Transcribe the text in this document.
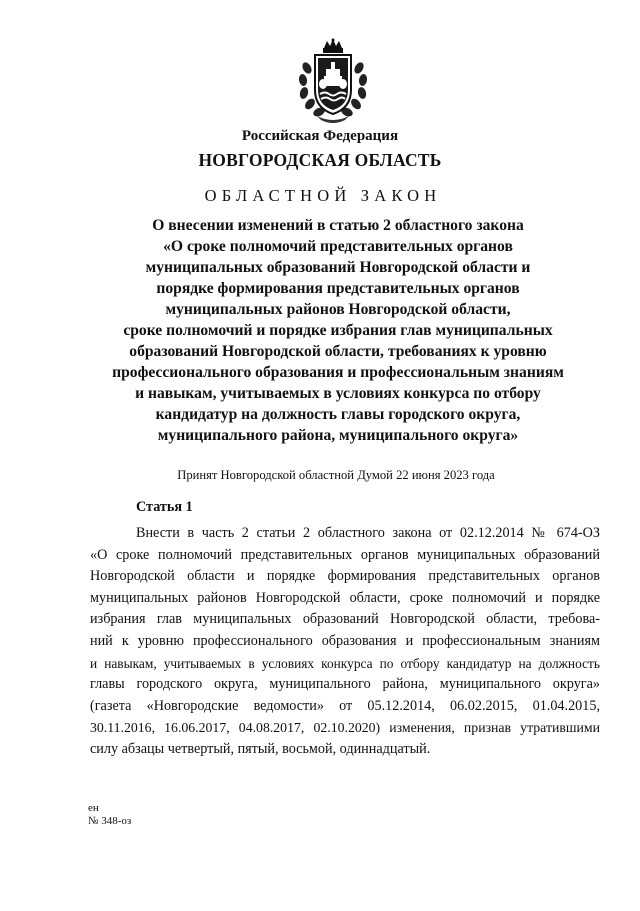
Российская Федерация
НОВГОРОДСКАЯ ОБЛАСТЬ
ОБЛАСТНОЙ ЗАКОН
О внесении изменений в статью 2 областного закона
«О сроке полномочий представительных органов
муниципальных образований Новгородской области и
порядке формирования представительных органов
муниципальных районов Новгородской области,
сроке полномочий и порядке избрания глав муниципальных
образований Новгородской области, требованиях к уровню
профессионального образования и профессиональным знаниям
и навыкам, учитываемых в условиях конкурса по отбору
кандидатур на должность главы городского округа,
муниципального района, муниципального округа»
Принят Новгородской областной Думой 22 июня 2023 года
Статья 1
Внести в часть 2 статьи 2 областного закона от 02.12.2014 № 674-ОЗ
«О сроке полномочий представительных органов муниципальных образований
Новгородской области и порядке формирования представительных органов
муниципальных районов Новгородской области, сроке полномочий и порядке
избрания глав муниципальных образований Новгородской области, требова-
ний к уровню профессионального образования и профессиональным знаниям
и навыкам, учитываемых в условиях конкурса по отбору кандидатур на должность
главы городского округа, муниципального района, муниципального округа»
(газета «Новгородские ведомости» от 05.12.2014, 06.02.2015, 01.04.2015,
30.11.2016, 16.06.2017, 04.08.2017, 02.10.2020) изменения, признав утратившими
силу абзацы четвертый, пятый, восьмой, одиннадцатый.
ен
№ 348-оз
